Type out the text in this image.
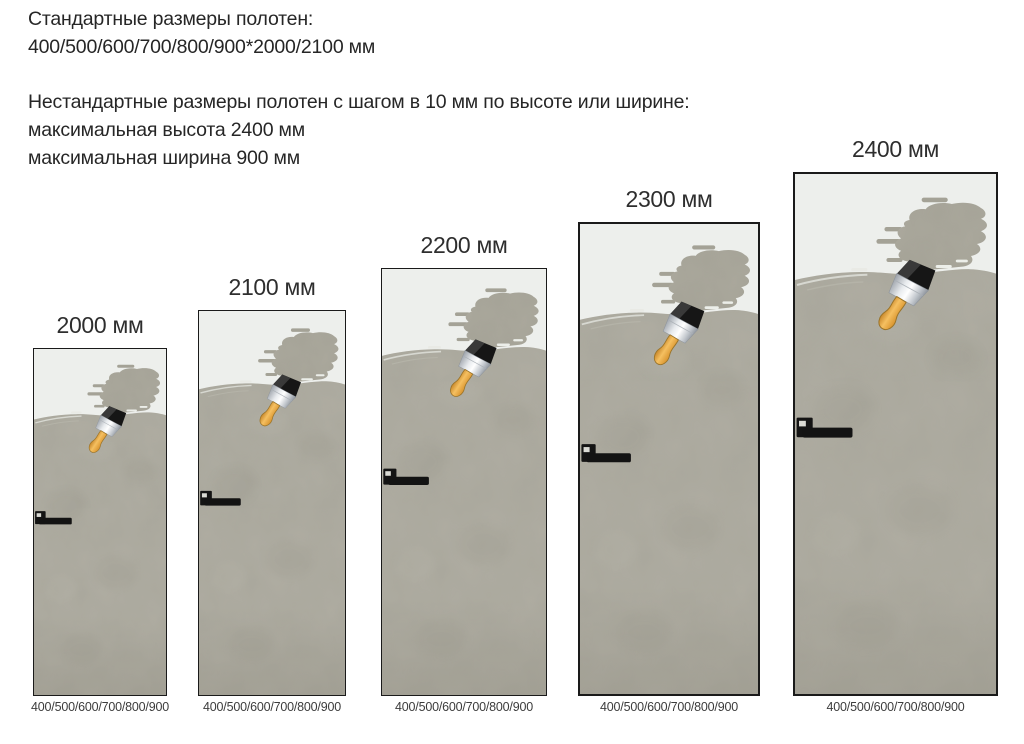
Стандартные размеры полотен:
400/500/600/700/800/900*2000/2100 мм
Нестандартные размеры полотен с шагом в 10 мм по высоте или ширине:
максимальная высота 2400 мм
максимальная ширина 900 мм
2000 мм
400/500/600/700/800/900
2100 мм
400/500/600/700/800/900
2200 мм
400/500/600/700/800/900
2300 мм
400/500/600/700/800/900
2400 мм
400/500/600/700/800/900
